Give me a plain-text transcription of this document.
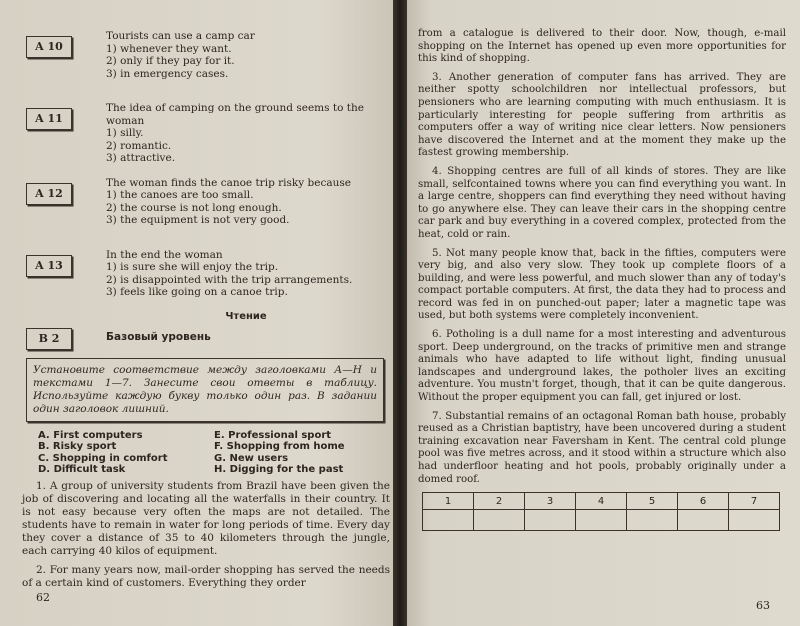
A 10
Tourists can use a camp car
1) whenever they want.
2) only if they pay for it.
3) in emergency cases.
A 11
The idea of camping on the ground seems to the woman
1) silly.
2) romantic.
3) attractive.
A 12
The woman finds the canoe trip risky because
1) the canoes are too small.
2) the course is not long enough.
3) the equipment is not very good.
A 13
In the end the woman
1) is sure she will enjoy the trip.
2) is disappointed with the trip arrangements.
3) feels like going on a canoe trip.
Чтение
B 2	Базовый уровень
Установите соответствие между заголовками А—Н и текстами 1—7. Занесите свои ответы в таблицу. Используйте каждую букву только один раз. В задании один заголовок лишний.
A. First computers	E. Professional sport
B. Risky sport	F. Shopping from home
C. Shopping in comfort	G. New users
D. Difficult task	H. Digging for the past

1. A group of university students from Brazil have been given the job of discovering and locating all the waterfalls in their country. It is not easy because very often the maps are not detailed. The students have to remain in water for long periods of time. Every day they cover a distance of 35 to 40 kilometers through the jungle, each carrying 40 kilos of equipment.

2. For many years now, mail-order shopping has served the needs of a certain kind of customers. Everything they order

62

from a catalogue is delivered to their door. Now, though, e-mail shopping on the Internet has opened up even more opportunities for this kind of shopping.

3. Another generation of computer fans has arrived. They are neither spotty schoolchildren nor intellectual professors, but pensioners who are learning computing with much enthusiasm. It is particularly interesting for people suffering from arthritis as computers offer a way of writing nice clear letters. Now pensioners have discovered the Internet and at the moment they make up the fastest growing membership.

4. Shopping centres are full of all kinds of stores. They are like small, selfcontained towns where you can find everything you want. In a large centre, shoppers can find everything they need without having to go anywhere else. They can leave their cars in the shopping centre car park and buy everything in a covered complex, protected from the heat, cold or rain.

5. Not many people know that, back in the fifties, computers were very big, and also very slow. They took up complete floors of a building, and were less powerful, and much slower than any of today's compact portable computers. At first, the data they had to process and record was fed in on punched-out paper; later a magnetic tape was used, but both systems were completely inconvenient.

6. Potholing is a dull name for a most interesting and adventurous sport. Deep underground, on the tracks of primitive men and strange animals who have adapted to life without light, finding unusual landscapes and underground lakes, the potholer lives an exciting adventure. You mustn't forget, though, that it can be quite dangerous. Without the proper equipment you can fall, get injured or lost.

7. Substantial remains of an octagonal Roman bath house, probably reused as a Christian baptistry, have been uncovered during a student training excavation near Faversham in Kent. The central cold plunge pool was five metres across, and it stood within a structure which also had underfloor heating and hot pools, probably originally under a domed roof.

1	2	3	4	5	6	7

63
